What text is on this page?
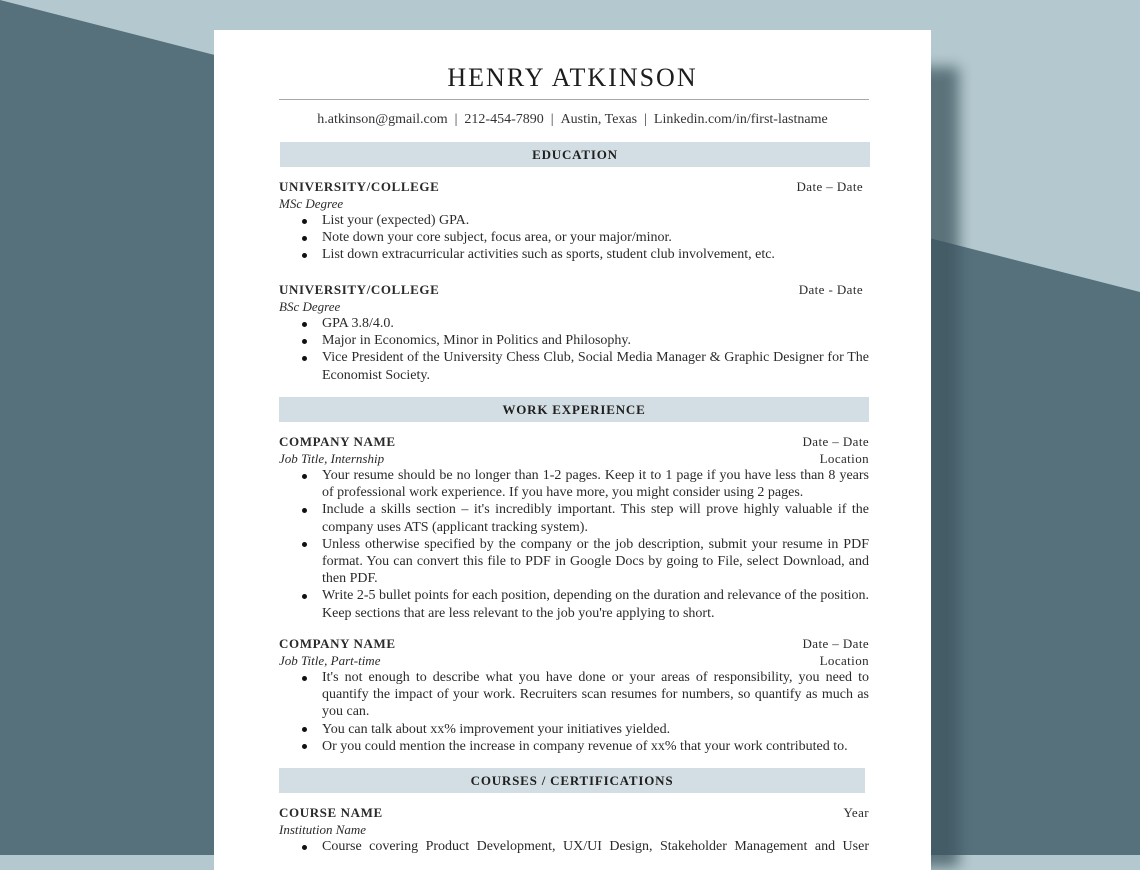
HENRY ATKINSON
h.atkinson@gmail.com | 212-454-7890 | Austin, Texas | Linkedin.com/in/first-lastname
EDUCATION
UNIVERSITY/COLLEGE	Date – Date
MSc Degree
List your (expected) GPA.
Note down your core subject, focus area, or your major/minor.
List down extracurricular activities such as sports, student club involvement, etc.
UNIVERSITY/COLLEGE	Date - Date
BSc Degree
GPA 3.8/4.0.
Major in Economics, Minor in Politics and Philosophy.
Vice President of the University Chess Club, Social Media Manager & Graphic Designer for The Economist Society.
WORK EXPERIENCE
COMPANY NAME	Date – Date
Job Title, Internship	Location
Your resume should be no longer than 1-2 pages. Keep it to 1 page if you have less than 8 years of professional work experience. If you have more, you might consider using 2 pages.
Include a skills section – it's incredibly important. This step will prove highly valuable if the company uses ATS (applicant tracking system).
Unless otherwise specified by the company or the job description, submit your resume in PDF format. You can convert this file to PDF in Google Docs by going to File, select Download, and then PDF.
Write 2-5 bullet points for each position, depending on the duration and relevance of the position. Keep sections that are less relevant to the job you're applying to short.
COMPANY NAME	Date – Date
Job Title, Part-time	Location
It's not enough to describe what you have done or your areas of responsibility, you need to quantify the impact of your work. Recruiters scan resumes for numbers, so quantify as much as you can.
You can talk about xx% improvement your initiatives yielded.
Or you could mention the increase in company revenue of xx% that your work contributed to.
COURSES / CERTIFICATIONS
COURSE NAME	Year
Institution Name
Course covering Product Development, UX/UI Design, Stakeholder Management and User
